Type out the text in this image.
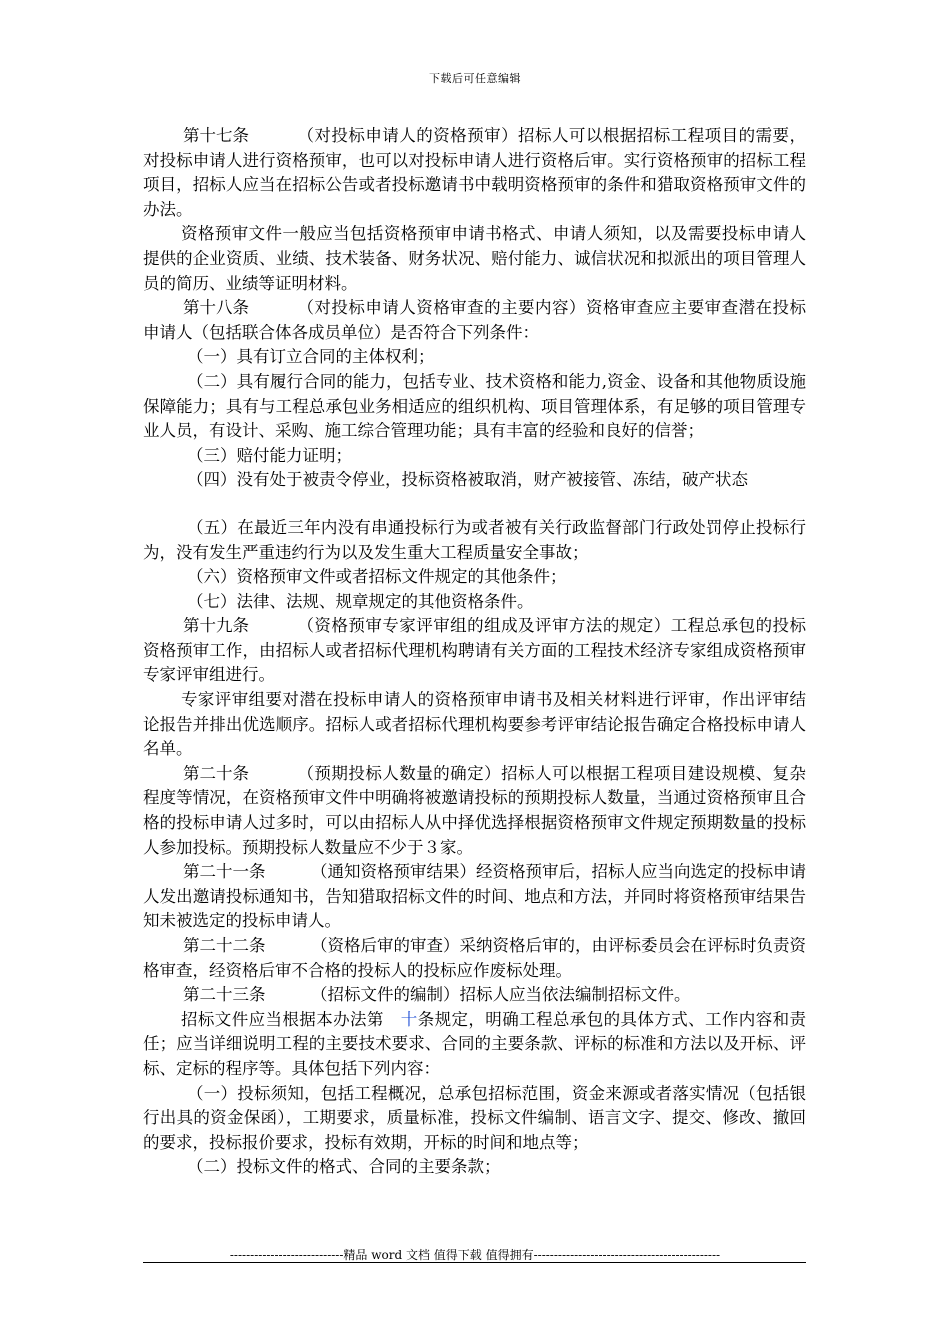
下载后可任意编辑

第十七条	（对投标申请人的资格预审）招标人可以根据招标工程项目的需要，对投标申请人进行资格预审，也可以对投标申请人进行资格后审。实行资格预审的招标工程项目，招标人应当在招标公告或者投标邀请书中载明资格预审的条件和猎取资格预审文件的办法。

资格预审文件一般应当包括资格预审申请书格式、申请人须知，以及需要投标申请人提供的企业资质、业绩、技术装备、财务状况、赔付能力、诚信状况和拟派出的项目管理人员的简历、业绩等证明材料。

第十八条	（对投标申请人资格审查的主要内容）资格审查应主要审查潜在投标申请人（包括联合体各成员单位）是否符合下列条件：

（一）具有订立合同的主体权利；

（二）具有履行合同的能力，包括专业、技术资格和能力,资金、设备和其他物质设施保障能力；具有与工程总承包业务相适应的组织机构、项目管理体系，有足够的项目管理专业人员，有设计、采购、施工综合管理功能；具有丰富的经验和良好的信誉；

（三）赔付能力证明；

（四）没有处于被责令停业，投标资格被取消，财产被接管、冻结，破产状态

（五）在最近三年内没有串通投标行为或者被有关行政监督部门行政处罚停止投标行为，没有发生严重违约行为以及发生重大工程质量安全事故；

（六）资格预审文件或者招标文件规定的其他条件；

（七）法律、法规、规章规定的其他资格条件。

第十九条	（资格预审专家评审组的组成及评审方法的规定）工程总承包的投标资格预审工作，由招标人或者招标代理机构聘请有关方面的工程技术经济专家组成资格预审专家评审组进行。

专家评审组要对潜在投标申请人的资格预审申请书及相关材料进行评审，作出评审结论报告并排出优选顺序。招标人或者招标代理机构要参考评审结论报告确定合格投标申请人名单。

第二十条	（预期投标人数量的确定）招标人可以根据工程项目建设规模、复杂程度等情况，在资格预审文件中明确将被邀请投标的预期投标人数量，当通过资格预审且合格的投标申请人过多时，可以由招标人从中择优选择根据资格预审文件规定预期数量的投标人参加投标。预期投标人数量应不少于３家。

第二十一条	（通知资格预审结果）经资格预审后，招标人应当向选定的投标申请人发出邀请投标通知书，告知猎取招标文件的时间、地点和方法，并同时将资格预审结果告知未被选定的投标申请人。

第二十二条	（资格后审的审查）采纳资格后审的，由评标委员会在评标时负责资格审查，经资格后审不合格的投标人的投标应作废标处理。

第二十三条	（招标文件的编制）招标人应当依法编制招标文件。

招标文件应当根据本办法第 十条规定，明确工程总承包的具体方式、工作内容和责任；应当详细说明工程的主要技术要求、合同的主要条款、评标的标准和方法以及开标、评标、定标的程序等。具体包括下列内容：

（一）投标须知，包括工程概况，总承包招标范围，资金来源或者落实情况（包括银行出具的资金保函），工期要求，质量标准，投标文件编制、语言文字、提交、修改、撤回的要求，投标报价要求，投标有效期，开标的时间和地点等；

（二）投标文件的格式、合同的主要条款；

----------------------------精品 word 文档 值得下载 值得拥有----------------------------------------------
